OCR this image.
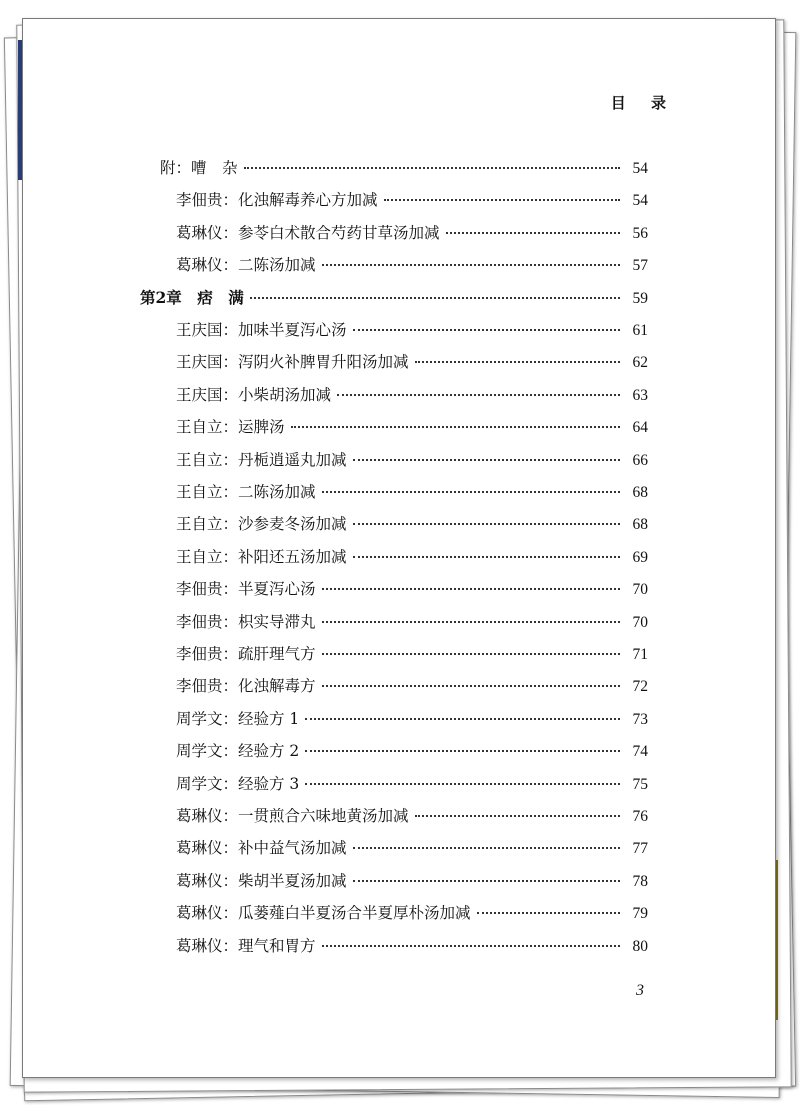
目 录
附：嘈　杂	54
李佃贵：化浊解毒养心方加减	54
葛琳仪：参苓白术散合芍药甘草汤加减	56
葛琳仪：二陈汤加减	57
第2章　痞　满	59
王庆国：加味半夏泻心汤	61
王庆国：泻阴火补脾胃升阳汤加减	62
王庆国：小柴胡汤加减	63
王自立：运脾汤	64
王自立：丹栀逍遥丸加减	66
王自立：二陈汤加减	68
王自立：沙参麦冬汤加减	68
王自立：补阳还五汤加减	69
李佃贵：半夏泻心汤	70
李佃贵：枳实导滞丸	70
李佃贵：疏肝理气方	71
李佃贵：化浊解毒方	72
周学文：经验方 1	73
周学文：经验方 2	74
周学文：经验方 3	75
葛琳仪：一贯煎合六味地黄汤加减	76
葛琳仪：补中益气汤加减	77
葛琳仪：柴胡半夏汤加减	78
葛琳仪：瓜蒌薤白半夏汤合半夏厚朴汤加减	79
葛琳仪：理气和胃方	80
3
